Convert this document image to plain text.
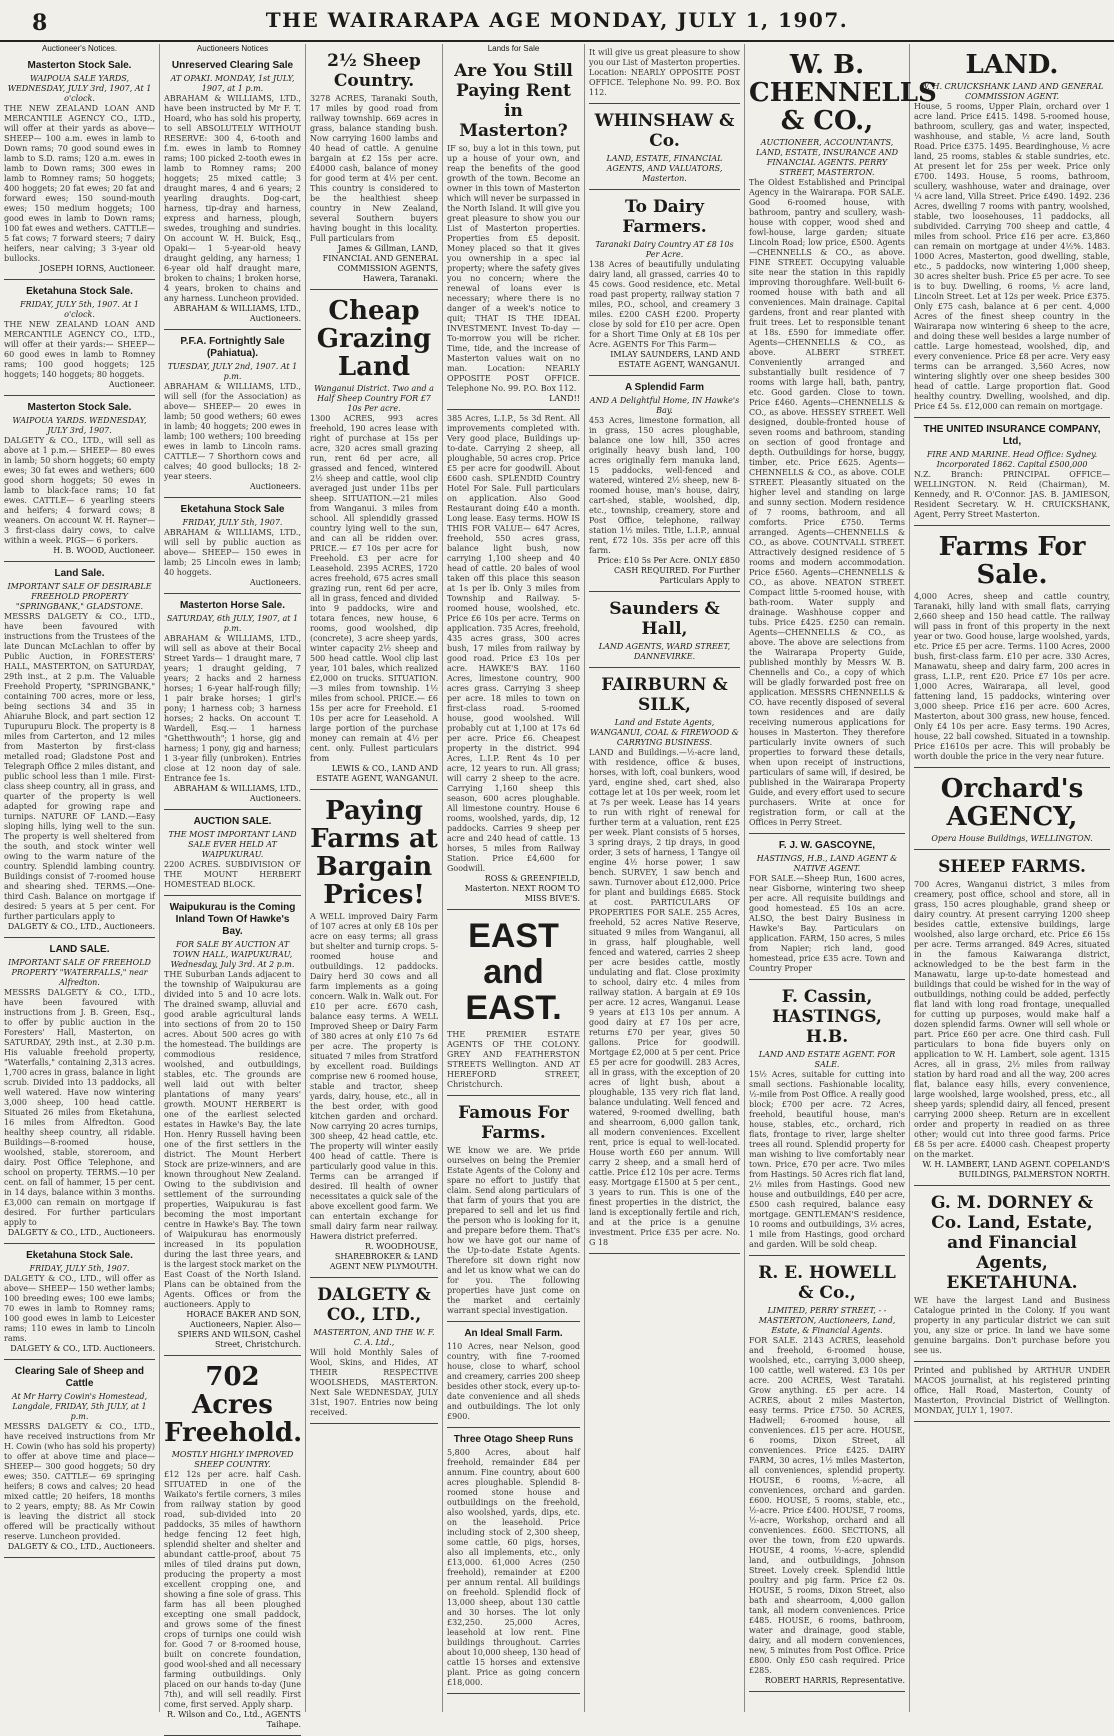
8	THE WAIRARAPA AGE MONDAY, JULY 1, 1907.
Auctioneer's Notices.
Masterton Stock Sale.
WAIPOUA SALE YARDS, WEDNESDAY, JULY 3rd, 1907, At 1 o'clock.
THE NEW ZEALAND LOAN AND MERCANTILE AGENCY CO., LTD., will offer at their yards as above— SHEEP— 100 a.m. ewes in lamb to Down rams; 70 good sound ewes in lamb to S.D. rams; 120 a.m. ewes in lamb to Down rams; 300 ewes in lamb to Romney rams; 50 hoggets; 400 hoggets; 20 fat ewes; 20 fat and forward ewes; 150 sound-mouth ewes; 150 medium hoggets; 100 good ewes in lamb to Down rams; 100 fat ewes and wethers. CATTLE— 5 fat cows; 7 forward steers; 7 dairy heifers, near calving; 3 3-year old bullocks.
JOSEPH IORNS, Auctioneer.
Eketahuna Stock Sale.
FRIDAY, JULY 5th, 1907. At 1 o'clock.
THE NEW ZEALAND LOAN AND MERCANTILE AGENCY CO., LTD., will offer at their yards:— SHEEP— 60 good ewes in lamb to Romney rams; 100 good hoggets; 125 hoggets; 140 hoggets; 80 hoggets.
Auctioneer.
Masterton Stock Sale.
WAIPOUA YARDS. WEDNESDAY, JULY 3rd, 1907.
DALGETY & CO., LTD., will sell as above at 1 p.m.— SHEEP— 80 ewes in lamb; 50 shorn hoggets; 60 empty ewes; 30 fat ewes and wethers; 600 good shorn hoggets; 50 ewes in lamb to black-face rams; 10 fat ewes. CATTLE— 6 yearling steers and heifers; 4 forward cows; 8 weaners. On account W. H. Rayner— 3 first-class dairy cows, to calve within a week. PIGS— 6 porkers.
H. B. WOOD, Auctioneer.
Land Sale.
IMPORTANT SALE OF DESIRABLE FREEHOLD PROPERTY "SPRINGBANK," GLADSTONE.
MESSRS DALGETY & CO., LTD., have been favoured with instructions from the Trustees of the late Duncan McLachlan to offer by Public Auction, in FORESTERS' HALL, MASTERTON, on SATURDAY, 29th inst., at 2 p.m. The Valuable Freehold Property, "SPRINGBANK," containing 700 acres, more or less, being sections 34 and 35 in Ahiaruhe Block, and part section 12 Tupurupuru Block. The property is 8 miles from Carterton, and 12 miles from Masterton by first-class metalled road; Gladstone Post and Telegraph Office 2 miles distant, and public school less than 1 mile. First-class sheep country, all in grass, and quarter of the property is well adapted for growing rape and turnips. NATURE OF LAND.—Easy sloping hills, lying well to the sun. The property is well sheltered from the south, and stock winter well owing to the warm nature of the country. Splendid lambing country. Buildings consist of 7-roomed house and shearing shed. TERMS.—One-third Cash. Balance on mortgage if desired: 5 years at 5 per cent. For further particulars apply to
DALGETY & CO., LTD., Auctioneers.
LAND SALE.
IMPORTANT SALE OF FREEHOLD PROPERTY "WATERFALLS," near Alfredton.
MESSRS DALGETY & CO., LTD., have been favoured with instructions from J. B. Green, Esq., to offer by public auction in the Foresters' Hall, Masterton, on SATURDAY, 29th inst., at 2.30 p.m. His valuable freehold property, "Waterfalls," containing 2,313 acres. 1,700 acres in grass, balance in light scrub. Divided into 13 paddocks, all well watered. Have now wintering 3,000 sheep, 100 head cattle. Situated 26 miles from Eketahuna, 16 miles from Alfredton. Good healthy sheep country, all ridable. Buildings—8-roomed house, woolshed, stable, storeroom, and dairy. Post Office Telephone, and school on property. TERMS.—10 per cent. on fall of hammer, 15 per cent. in 14 days, balance within 3 months. £3,000 can remain on mortgage if desired. For further particulars apply to
DALGETY & CO., LTD., Auctioneers.
Eketahuna Stock Sale.
FRIDAY, JULY 5th, 1907.
DALGETY & CO., LTD., will offer as above— SHEEP— 150 wether lambs; 100 breeding ewes; 100 ewe lambs; 70 ewes in lamb to Romney rams; 100 good ewes in lamb to Leicester rams; 110 ewes in lamb to Lincoln rams.
DALGETY & CO., LTD. Auctioneers.
Clearing Sale of Sheep and Cattle
At Mr Harry Cowin's Homestead, Langdale, FRIDAY, 5th JULY, at 1 p.m.
MESSRS DALGETY & CO., LTD., have received instructions from Mr H. Cowin (who has sold his property) to offer at above time and place— SHEEP— 300 good hoggets; 50 dry ewes; 350. CATTLE— 69 springing heifers; 8 cows and calves; 20 head mixed cattle; 20 heifers, 18 months to 2 years, empty; 88. As Mr Cowin is leaving the district all stock offered will be practically without reserve. Luncheon provided.
DALGETY & CO., LTD., Auctioneers.
Auctioneers Notices
Unreserved Clearing Sale
AT OPAKI. MONDAY, 1st JULY, 1907, at 1 p.m.
ABRAHAM & WILLIAMS, LTD., have been instructed by Mr F. T. Hoard, who has sold his property, to sell ABSOLUTELY WITHOUT RESERVE: 300 4, 6-tooth and f.m. ewes in lamb to Romney rams; 100 picked 2-tooth ewes in lamb to Romney rams; 200 hoggets; 25 mixed cattle; 3 draught mares, 4 and 6 years; 2 yearling draughts. Dog-cart, harness, tip-dray and harness, express and harness, plough, swedes, troughing and sundries. On account W. H. Buick, Esq., Opaki— 1 5-year-old heavy draught gelding, any harness; 1 6-year old half draught mare, broken to chains; 1 broken horse, 4 years, broken to chains and any harness. Luncheon provided.
ABRAHAM & WILLIAMS, LTD., Auctioneers.
P.F.A. Fortnightly Sale (Pahiatua).
TUESDAY, JULY 2nd, 1907. At 1 p.m.
ABRAHAM & WILLIAMS, LTD., will sell (for the Association) as above— SHEEP— 20 ewes in lamb; 50 good wethers; 60 ewes in lamb; 40 hoggets; 200 ewes in lamb; 100 wethers; 100 breeding ewes in lamb to Lincoln rams. CATTLE— 7 Shorthorn cows and calves; 40 good bullocks; 18 2-year steers.
Auctioneers.
Eketahuna Stock Sale
FRIDAY, JULY 5th, 1907.
ABRAHAM & WILLIAMS, LTD., will sell by public auction as above— SHEEP— 150 ewes in lamb; 25 Lincoln ewes in lamb; 40 hoggets.
Auctioneers.
Masterton Horse Sale.
SATURDAY, 6th JULY, 1907, at 1 p.m.
ABRAHAM & WILLIAMS, LTD., will sell as above at their Bocal Street Yards— 1 draught mare, 7 years; 1 draught gelding, 7 years; 2 hacks and 2 harness horses; 1 6-year half-rough filly; 1 pair brake horses; 1 girl's pony; 1 harness cob; 3 harness horses; 2 hacks. On account T. Wardell, Esq.— 1 harness "Ghetthwouth"; 1 horse, gig and harness; 1 pony, gig and harness; 1 3-year filly (unbroken). Entries close at 12 noon day of sale. Entrance fee 1s.
ABRAHAM & WILLIAMS, LTD., Auctioneers.
AUCTION SALE.
THE MOST IMPORTANT LAND SALE EVER HELD AT WAIPUKURAU.
2200 ACRES. SUBDIVISION OF THE MOUNT HERBERT HOMESTEAD BLOCK.
Waipukurau is the Coming Inland Town Of Hawke's Bay.
FOR SALE BY AUCTION AT TOWN HALL, WAIPUKURAU, Wednesday, July 3rd. At 2 p.m.
THE Suburban Lands adjacent to the township of Waipukurau are divided into 5 and 10 acre lots. The drained swamp, alluvial and good arable agricultural lands into sections of from 20 to 150 acres. About 500 acres go with the homestead. The buildings are commodious residence, woolshed, and outbuildings, stables, etc. The grounds are well laid out with belter plantations of many years' growth. MOUNT HERBERT is one of the earliest selected estates in Hawke's Bay, the late Hon. Henry Russell having been one of the first settlers in the district. The Mount Herbert Stock are prize-winners, and are known throughout New Zealand. Owing to the subdivision and settlement of the surrounding properties, Waipukurau is fast becoming the most important centre in Hawke's Bay. The town of Waipukurau has enormously increased in its population during the last three years, and is the largest stock market on the East Coast of the North Island. Plans can be obtained from the Agents. Offices or from the auctioneers. Apply to
HORACE BAKER AND SON, Auctioneers, Napier. Also— SPIERS AND WILSON, Cashel Street, Christchurch.
702 Acres Freehold.
MOSTLY HIGHLY IMPROVED SHEEP COUNTRY.
£12 12s per acre. half Cash. SITUATED in one of the Waikato's fertile corners, 3 miles from railway station by good road, sub-divided into 20 paddocks, 35 miles of hawthorn hedge fencing 12 feet high, splendid shelter and shelter and abundant cattle-proof, about 75 miles of tiled drains put down, producing the property a most excellent cropping one, and showing a fine sole of grass. This farm has all been ploughed excepting one small paddock, and grows some of the finest crops of turnips one could wish for. Good 7 or 8-roomed house, built on concrete foundation, good wool-shed and all necessary farming outbuildings. Only placed on our hands to-day (June 7th), and will sell readily. First come, first served. Apply sharp.
R. Wilson and Co., Ltd., AGENTS Taihape.
2½ Sheep Country.
3278 ACRES, Taranaki South, 17 miles by good road from railway township. 669 acres in grass, balance standing bush. Now carrying 1600 lambs and 40 head of cattle. A genuine bargain at £2 15s per acre. £4000 cash, balance of money for good term at 4½ per cent. This country is considered to be the healthiest sheep country in New Zealand, several Southern buyers having bought in this locality. Full particulars from
James & Gillman, LAND, FINANCIAL AND GENERAL COMMISSION AGENTS, Hawera, Taranaki.
Cheap Grazing Land
Wanganui District. Two and a Half Sheep Country FOR £7 10s Per acre.
1300 ACRES, 993 acres freehold, 190 acres lease with right of purchase at 15s per acre, 320 acres small grazing run, rent 6d per acre, all grassed and fenced, wintered 2½ sheep and cattle, wool clip averaged just under 11bs per sheep. SITUATION.—21 miles from Wanganui. 3 miles from school. All splendidly grassed country lying well to the sun, and can all be ridden over. PRICE.— £7 10s per acre for Freehold. £3 per acre for Leasehold. 2395 ACRES, 1720 acres freehold, 675 acres small grazing run, rent 6d per acre, all in grass, fenced and divided into 9 paddocks, wire and totara fences, new house, 6 rooms, good woolshed, dip (concrete), 3 acre sheep yards, winter capacity 2½ sheep and 500 head cattle. Wool clip last year, 101 bales, which realized £2,000 on trucks. SITUATION.—3 miles from township. 1½ miles from school. PRICE.— £6 15s per acre for Freehold. £1 10s per acre for Leasehold. A large portion of the purchase money can remain at 4½ per cent. only. Fullest particulars from
LEWIS & CO., LAND AND ESTATE AGENT, WANGANUI.
Paying Farms at Bargain Prices!
A WELL improved Dairy Farm of 107 acres at only £8 10s per acre on easy terms; all grass but shelter and turnip crops. 5-roomed house and outbuildings. 12 paddocks. Dairy herd 30 cows and all farm implements as a going concern. Walk in. Walk out. For £10 per acre. £670 cash, balance easy terms. A WELL Improved Sheep or Dairy Farm of 380 acres at only £10 7s 6d per acre. The property is situated 7 miles from Stratford by excellent road. Buildings comprise new 6 roomed house, stable and tractor, sheep yards, dairy, house, etc., all in the best order, with good kitchen garden and orchard. Now carrying 20 acres turnips, 300 sheep, 42 head cattle, etc. The property will winter easily 400 head of cattle. There is particularly good value in this. Terms can be arranged if desired. Ill health of owner necessitates a quick sale of the above excellent good farm. We can entertain exchange for small dairy farm near railway. Hawera district preferred.
R. WOODHOUSE, SHAREBROKER & LAND AGENT NEW PLYMOUTH.
DALGETY & CO., LTD.,
MASTERTON, AND THE W. F. C. A. Ltd.,
Will hold Monthly Sales of Wool, Skins, and Hides, AT THEIR RESPECTIVE WOOLSHEDS, MASTERTON. Next Sale WEDNESDAY, JULY 31st, 1907. Entries now being received.
Lands for Sale
Are You Still Paying Rent in Masterton?
IF so, buy a lot in this town, put up a house of your own, and reap the benefits of the good growth of the town. Become an owner in this town of Masterton which will never be surpassed in the North Island. It will give you great pleasure to show you our List of Masterton properties. Properties from £5 deposit. Money placed so that it gives you ownership in a spec ial property; where the safety gives you no concern; where the renewal of loans ever is necessary; where there is no danger of a week's notice to quit; THAT IS THE IDEAL INVESTMENT. Invest To-day — To-morrow you will be richer. Time, tide, and the increase of Masterton values wait on no man. Location: NEARLY OPPOSITE POST OFFICE. Telephone No. 99. P.O. Box 112.
LAND!!
385 Acres, L.I.P., 5s 3d Rent. All improvements completed with. Very good place, Buildings up-to-date. Carrying 2 sheep, all ploughable, 50 acres crop. Price £5 per acre for goodwill. About £600 cash. SPLENDID Country Hotel For Sale. Full particulars on application. Also Good Restaurant doing £40 a month. Long lease. Easy terms. HOW IS THIS FOR VALUE— 647 Acres, freehold, 550 acres grass, balance light bush, now carrying 1,100 sheep and 40 head of cattle. 20 bales of wool taken off this place this season at 1s per lb. Only 3 miles from Township and Railway. 5-roomed house, woolshed, etc. Price £6 10s per acre. Terms on application. 735 Acres, freehold, 435 acres grass, 300 acres bush, 17 miles from railway by good road. Price £3 10s per acre. HAWKE'S BAY. 1160 Acres, limestone country, 900 acres grass. Carrying 3 sheep per acre. 18 miles to town on first-class road. 5-roomed house, good woolshed. Will probably cut at 1,100 at 17s 6d per acre. Price £6. Cheapest property in the district. 994 Acres, L.I.P. Rent 4s 10 per acre, 12 years to run. All grass; will carry 2 sheep to the acre. Carrying 1,160 sheep this season, 600 acres ploughable. All limestone country. House 6 rooms, woolshed, yards, dip, 12 paddocks. Carries 9 sheep per acre and 240 head of cattle. 13 horses, 5 miles from Railway Station. Price £4,600 for Goodwill.
ROSS & GREENFIELD, Masterton. NEXT ROOM TO MISS BIVE'S.
EAST and EAST.
THE PREMIER ESTATE AGENTS OF THE COLONY. GREY AND FEATHERSTON STREETS Wellington. AND AT HEREFORD STREET, Christchurch.
Famous For Farms.
WE know we are. We pride ourselves on being the Premier Estate Agents of the Colony and spare no effort to justify that claim. Send along particulars of that farm of yours that you are prepared to sell and let us find the person who is looking for it, and prepare before them. That's how we have got our name of the Up-to-date Estate Agents. Therefore sit down right now and let us know what we can do for you. The following properties have just come on the market and certainly warrant special investigation.
An Ideal Small Farm.
110 Acres, near Nelson, good country, with fine 7-roomed house, close to wharf, school and creamery, carries 200 sheep besides other stock, every up-to-date convenience and all sheds and outbuildings. The lot only £900.
Three Otago Sheep Runs
5,800 Acres, about half freehold, remainder £84 per annum. Fine country, about 600 acres ploughable. Splendid 8-roomed stone house and outbuildings on the freehold, also woolshed, yards, dips, etc. on the leasehold. Price including stock of 2,300 sheep, some cattle, 60 pigs, horses, also all implements, etc., only £13,000. 61,000 Acres (250 freehold), remainder at £200 per annum rental. All buildings on freehold. Splendid flock of 13,000 sheep, about 130 cattle and 30 horses. The lot only £32,250. 25,000 Acres, leasehold at low rent. Fine buildings throughout. Carries about 10,000 sheep, 130 head of cattle 15 horses and extensive plant. Price as going concern £18,000.
It will give us great pleasure to show you our List of Masterton properties. Location: NEARLY OPPOSITE POST OFFICE. Telephone No. 99. P.O. Box 112.
WHINSHAW & Co.
LAND, ESTATE, FINANCIAL AGENTS, AND VALUATORS, Masterton.
To Dairy Farmers.
Taranaki Dairy Country AT £8 10s Per Acre.
138 Acres of beautifully undulating dairy land, all grassed, carries 40 to 45 cows. Good residence, etc. Metal road past property, railway station 7 miles, P.O., school, and creamery 3 miles. £200 CASH £200. Property close by sold for £10 per acre. Open for a Short Time Only at £8 10s per Acre. AGENTS For This Farm—
IMLAY SAUNDERS, LAND AND ESTATE AGENT, WANGANUI.
A Splendid Farm
AND A Delightful Home, IN Hawke's Bay.
453 Acres, limestone formation, all in grass, 150 acres ploughable, balance one low hill, 350 acres originally heavy bush land, 100 acres originally fern manuka land, 15 paddocks, well-fenced and watered, wintered 2½ sheep, new 8-roomed house, man's house, dairy, cart-shed, stable, woolshed, dip, etc., township, creamery, store and Post Office, telephone, railway station 1½ miles. Title, L.I.P., annual rent, £72 10s. 35s per acre off this farm.
Price: £10 5s Per Acre. ONLY £850 CASH REQUIRED. For Further Particulars Apply to
Saunders & Hall,
LAND AGENTS, WARD STREET, DANNEVIRKE.
FAIRBURN & SILK,
Land and Estate Agents, WANGANUI, COAL & FIREWOOD & CARRYING BUSINESS.
LAND and Buildings.—½-acre land, with residence, office & buses, horses, with loft, coal bunkers, wood yard, engine shed, cart shed, also cottage let at 10s per week, room let at 7s per week. Lease has 14 years to run with right of renewal for further term at a valuation, rent £25 per week. Plant consists of 5 horses, 3 spring drays, 2 tip drays, in good order, 3 sets of harness, 1 Tangye oil engine 4½ horse power, 1 saw bench. SURVEY, 1 saw bench and sawn. Turnover about £12,000. Price for plant and buildings £685. Stock at cost. PARTICULARS OF PROPERTIES FOR SALE. 255 Acres, freehold, 52 acres Native Reserve, situated 9 miles from Wanganui, all in grass, half ploughable, well fenced and watered, carries 2 sheep per acre besides cattle, mostly undulating and flat. Close proximity to school, dairy etc. 4 miles from railway station. A bargain at £9 10s per acre. 12 acres, Wanganui. Lease 9 years at £13 10s per annum. A good dairy at £7 10s per acre, returns £70 per year, gives 50 gallons. Price for goodwill. Mortgage £2,000 at 5 per cent. Price £5 per acre for goodwill. 283 Acres, all in grass, with the exception of 20 acres of light bush, about a ploughable, 135 very rich flat land, balance undulating. Well fenced and watered, 9-roomed dwelling, bath and shearroom, 6,000 gallon tank, all modern conveniences. Excellent rent, price is equal to well-located. House worth £60 per annum. Will carry 2 sheep, and a small herd of cattle. Price £12 10s per acre. Terms easy. Mortgage £1500 at 5 per cent., 3 years to run. This is one of the finest properties in the district, the land is exceptionally fertile and rich, and at the price is a genuine investment. Price £35 per acre. No. G 18
W. B. CHENNELLS & CO.,
AUCTIONEER, ACCOUNTANTS, LAND, ESTATE, INSURANCE AND FINANCIAL AGENTS. PERRY STREET, MASTERTON.
The Oldest Established and Principal Agency in the Wairarapa. FOR SALE. Good 6-roomed house, with bathroom, pantry and scullery, wash-house with copper, wood shed and fowl-house, large garden; situate Lincoln Road; low price, £500. Agents—CHENNELLS & CO., as above. FINE STREET. Occupying valuable site near the station in this rapidly improving thoroughfare. Well-built 6-roomed house with bath and all conveniences. Main drainage. Capital gardens, front and rear planted with fruit trees. Let to responsible tenant at 18s. £590 for immediate offer. Agents—CHENNELLS & CO., as above. ALBERT STREET. Conveniently arranged and substantially built residence of 7 rooms with large hall, bath, pantry, etc. Good garden. Close to town. Price £460. Agents—CHENNELLS & CO., as above. HESSEY STREET. Well designed, double-fronted house of seven rooms and bathroom, standing on section of good frontage and depth. Outbuildings for horse, buggy, timber, etc. Price £625. Agents—CHENNELLS & CO., as above. COLE STREET. Pleasantly situated on the higher level and standing on large and sunny section. Modern residence of 7 rooms, bathroom, and all comforts. Price £750. Terms arranged. Agents—CHENNELLS & CO., as above. COUNTVALL STREET. Attractively designed residence of 5 rooms and modern accommodation. Price £560. Agents—CHENNELLS & CO., as above. NEATON STREET. Compact little 5-roomed house, with bath-room. Water supply and drainage. Washhouse copper and tubs. Price £425. £250 can remain. Agents—CHENNELLS & CO., as above. The above are selections from the Wairarapa Property Guide, published monthly by Messrs W. B. Chennells and Co., a copy of which will be gladly forwarded post free on application. MESSRS CHENNELLS & CO. have recently disposed of several town residences and are daily receiving numerous applications for houses in Masterton. They therefore particularly invite owners of such properties to forward these details, when upon receipt of instructions, particulars of same will, if desired, be published in the Wairarapa Property Guide, and every effort used to secure purchasers. Write at once for registration form, or call at the Offices in Perry Street.
F. J. W. GASCOYNE,
HASTINGS, H.B., LAND AGENT & NATIVE AGENT.
FOR SALE.—Sheep Run, 1600 acres, near Gisborne, wintering two sheep per acre. All requisite buildings and good homestead. £5 10s an acre. ALSO, the best Dairy Business in Hawke's Bay. Particulars on application. FARM, 150 acres, 5 miles from Napier; rich land, good homestead, price £35 acre. Town and Country Proper
F. Cassin, HASTINGS, H.B.
LAND AND ESTATE AGENT. FOR SALE.
15½ Acres, suitable for cutting into small sections. Fashionable locality, ½-mile from Post Office. A really good block; £700 per acre. 72 Acres, freehold, beautiful house, man's house, stables, etc., orchard, rich flats, frontage to river, large shelter trees all round. Splendid property for man wishing to live comfortably near town. Price, £70 per acre. Two miles from Hastings. 50 Acres rich flat land, 2½ miles from Hastings. Good new house and outbuildings, £40 per acre, £500 cash required, balance easy mortgage. GENTLEMAN'S residence, 10 rooms and outbuildings, 3½ acres, 1 mile from Hastings, good orchard and garden. Will be sold cheap.
R. E. HOWELL & Co.,
LIMITED, PERRY STREET, - - MASTERTON, Auctioneers, Land, Estate, & Financial Agents.
FOR SALE. 2143 ACRES, leasehold and freehold, 6-roomed house, woolshed, etc., carrying 3,000 sheep, 100 cattle, well watered. £3 10s per acre. 200 ACRES, West Taratahi. Grow anything. £5 per acre. 14 ACRES, about 2 miles Masterton, easy terms. Price £750. 50 ACRES, Hadwell; 6-roomed house, all conveniences. £15 per acre. HOUSE, 6 rooms, Dixon Street, all conveniences. Price £425. DAIRY FARM, 30 acres, 1½ miles Masterton, all conveniences, splendid property. HOUSE, 6 rooms, ½-acre, all conveniences, orchard and garden. £600. HOUSE, 5 rooms, stable, etc., ½-acre. Price £400. HOUSE, 7 rooms, ½-acre, Workshop, orchard and all conveniences. £600. SECTIONS, all over the town, from £20 upwards. HOUSE, 4 rooms, ½-acre, splendid land, and outbuildings, Johnson Street. Lovely creek. Splendid little poultry and pig farm. Price £2 0s. HOUSE, 5 rooms, Dixon Street, also bath and shearroom, 4,000 gallon tank, all modern conveniences. Price £485. HOUSE, 6 rooms, bathroom, water and drainage, good stable, dairy, and all modern conveniences, new, 5 minutes from Post Office. Price £800. Only £50 cash required. Price £285.
ROBERT HARRIS, Representative.
LAND.
W. H. CRUICKSHANK LAND AND GENERAL COMMISSION AGENT.
House, 5 rooms, Upper Plain, orchard over 1 acre land. Price £415. 1498. 5-roomed house, bathroom, scullery, gas and water, inspected, washhouse, and stable, ½ acre land, South Road. Price £375. 1495. Beardinghouse, ½ acre land, 25 rooms, stables & stable sundries, etc. At present let for 25s per week. Price only £700. 1493. House, 5 rooms, bathroom, scullery, washhouse, water and drainage, over ¼ acre land, Villa Street. Price £490. 1492. 236 Acres, dwelling 7 rooms with pantry, woolshed, stable, two loosehouses, 11 paddocks, all subdivided. Carrying 700 sheep and cattle, 4 miles from school. Price £16 per acre. £3,860 can remain on mortgage at under 4½%. 1483. 1000 Acres, Masterton, good dwelling, stable, etc., 5 paddocks, now wintering 1,000 sheep, 30 acres shelter bush. Price £5 per acre. To see is to buy. Dwelling, 6 rooms, ½ acre land, Lincoln Street. Let at 12s per week. Price £375. Only £75 cash, balance at 6 per cent. 4,000 Acres of the finest sheep country in the Wairarapa now wintering 6 sheep to the acre, and doing these well besides a large number of cattle. Large homestead, woolshed, dip, and every convenience. Price £8 per acre. Very easy terms can be arranged. 3,560 Acres, now wintering slightly over one sheep besides 300 head of cattle. Large proportion flat. Good healthy country. Dwelling, woolshed, and dip. Price £4 5s. £12,000 can remain on mortgage.
THE UNITED INSURANCE COMPANY, Ltd,
FIRE AND MARINE. Head Office: Sydney. Incorporated 1862. Capital £500,000
N.Z. Branch: PRINCIPAL OFFICE—WELLINGTON. N. Reid (Chairman), M. Kennedy, and R. O'Connor. JAS. B. JAMIESON, Resident Secretary. W. H. CRUICKSHANK, Agent, Perry Street Masterton.
Farms For Sale.
4,000 Acres, sheep and cattle country, Taranaki, hilly land with small flats, carrying 2,660 sheep and 150 head cattle. The railway will pass in front of this property in the next year or two. Good house, large woolshed, yards, etc. Price £5 per acre. Terms. 1100 Acres, 2000 bush, first-class farm. £10 per acre. 330 Acres, Manawatu, sheep and dairy farm, 200 acres in grass, L.I.P., rent £20. Price £7 10s per acre. 1,000 Acres, Wairarapa, all level, good fattening land, 15 paddocks, wintering over 3,000 sheep. Price £16 per acre. 600 Acres, Masterton, about 300 grass, new house, fenced. Only £4 10s per acre. Easy terms. 190 Acres, house, 22 ball cowshed. Situated in a township. Price £1610s per acre. This will probably be worth double the price in the very near future.
Orchard's AGENCY,
Opera House Buildings, WELLINGTON.
SHEEP FARMS.
700 Acres, Wanganui district, 3 miles from creamery, post office, school and store, all in grass, 150 acres ploughable, grand sheep or dairy country. At present carrying 1200 sheep besides cattle, extensive buildings, large woolshed, also large orchard, etc. Price £6 15s per acre. Terms arranged. 849 Acres, situated in the famous Kaiwaranga district, acknowledged to be the best farm in the Manawatu, large up-to-date homestead and buildings that could be wished for in the way of outbuildings, nothing could be added, perfectly flat land with long road frontage, unequalled for cutting up purposes, would make half a dozen splendid farms. Owner will sell whole or part. Price £60 per acre. One third cash. Full particulars to bona fide buyers only on application to W. H. Lambert, sole agent. 1315 Acres, all in grass, 2½ miles from railway station by hard road and all the way, 200 acres flat, balance easy hills, every convenience, large woolshed, large woolshed, press, etc., all sheep yards; splendid dairy, all fenced, present carrying 2000 sheep. Return are in excellent order and property in readied on as three other; would cut into three good farms. Price £8 5s per acre. £4000 cash. Cheapest property on the market.
W. H. LAMBERT, LAND AGENT. COPELAND'S BUILDINGS, PALMERSTON NORTH.
G. M. DORNEY & Co. Land, Estate, and Financial Agents, EKETAHUNA.
WE have the largest Land and Business Catalogue printed in the Colony. If you want property in any particular district we can suit you, any size or price. In land we have some genuine bargains. Don't purchase before you see us.
Printed and published by ARTHUR UNDER MACOS journalist, at his registered printing office, Hall Road, Masterton, County of Masterton, Provincial District of Wellington. MONDAY, JULY 1, 1907.
